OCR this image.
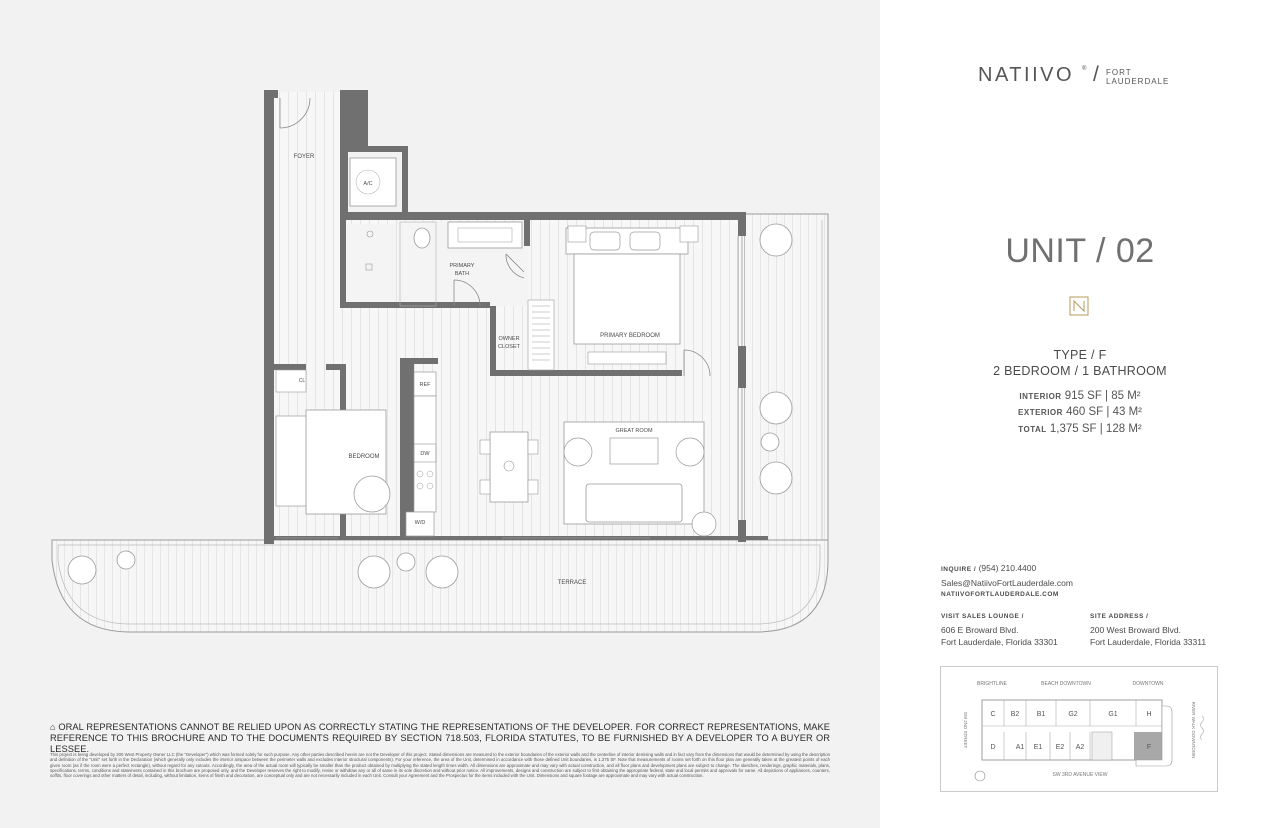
A/C
FOYER
PRIMARY
BATH
OWNER
CLOSET
PRIMARY BEDROOM
BEDROOM
GREAT ROOM
TERRACE
REF
DW
W/D
CL
⌂ ORAL REPRESENTATIONS CANNOT BE RELIED UPON AS CORRECTLY STATING THE REPRESENTATIONS OF THE DEVELOPER. FOR CORRECT REPRESENTATIONS, MAKE REFERENCE TO THIS BROCHURE AND TO THE DOCUMENTS REQUIRED BY SECTION 718.503, FLORIDA STATUTES, TO BE FURNISHED BY A DEVELOPER TO A BUYER OR LESSEE.
This project is being developed by 200 West Property Owner LLC (the "Developer") which was formed solely for such purpose. Any other parties described herein are not the Developer of this project. Stated dimensions are measured to the exterior boundaries of the exterior walls and the centerline of interior demising walls and in fact vary from the dimensions that would be determined by using the description and definition of the "Unit" set forth in the Declaration (which generally only includes the interior airspace between the perimeter walls and excludes interior structural components). For your reference, the area of the Unit, determined in accordance with those defined Unit boundaries, is 1,375 SF. Note that measurements of rooms set forth on this floor plan are generally taken at the greatest points of each given room (as if the room were a perfect rectangle), without regard for any cutouts. Accordingly, the area of the actual room will typically be smaller than the product obtained by multiplying the stated length times width. All dimensions are approximate and may vary with actual construction, and all floor plans and development plans are subject to change. The sketches, renderings, graphic materials, plans, specifications, terms, conditions and statements contained in this brochure are proposed only, and the Developer reserves the right to modify, revise or withdraw any or all of same in its sole discretion and without prior notice. All improvements, designs and construction are subject to first obtaining the appropriate federal, state and local permits and approvals for same. All depictions of appliances, counters, soffits, floor coverings and other matters of detail, including, without limitation, items of finish and decoration, are conceptual only and are not necessarily included in each Unit. Consult your Agreement and the Prospectus for the items included with the Unit. Dimensions and square footage are approximate and may vary with actual construction.
NATIIVO ® / FORT
LAUDERDALE
UNIT / 02
TYPE / F
2 BEDROOM / 1 BATHROOM
INTERIOR 915 SF | 85 M²
EXTERIOR 460 SF | 43 M²
TOTAL 1,375 SF | 128 M²
INQUIRE / (954) 210.4400
Sales@NatiivoFortLauderdale.com
NATIIVOFORTLAUDERDALE.COM
VISIT SALES LOUNGE /
606 E Broward Blvd.
Fort Lauderdale, Florida 33301
SITE ADDRESS /
200 West Broward Blvd.
Fort Lauderdale, Florida 33311
BRIGHTLINE	BEACH DOWNTOWN	DOWNTOWN
C B2 B1	G2	G1	H
D	A1 E1 E2 A2	F
SW 2ND STREET	RIVER WALK DOWNTOWN
SW 3RD AVENUE VIEW
